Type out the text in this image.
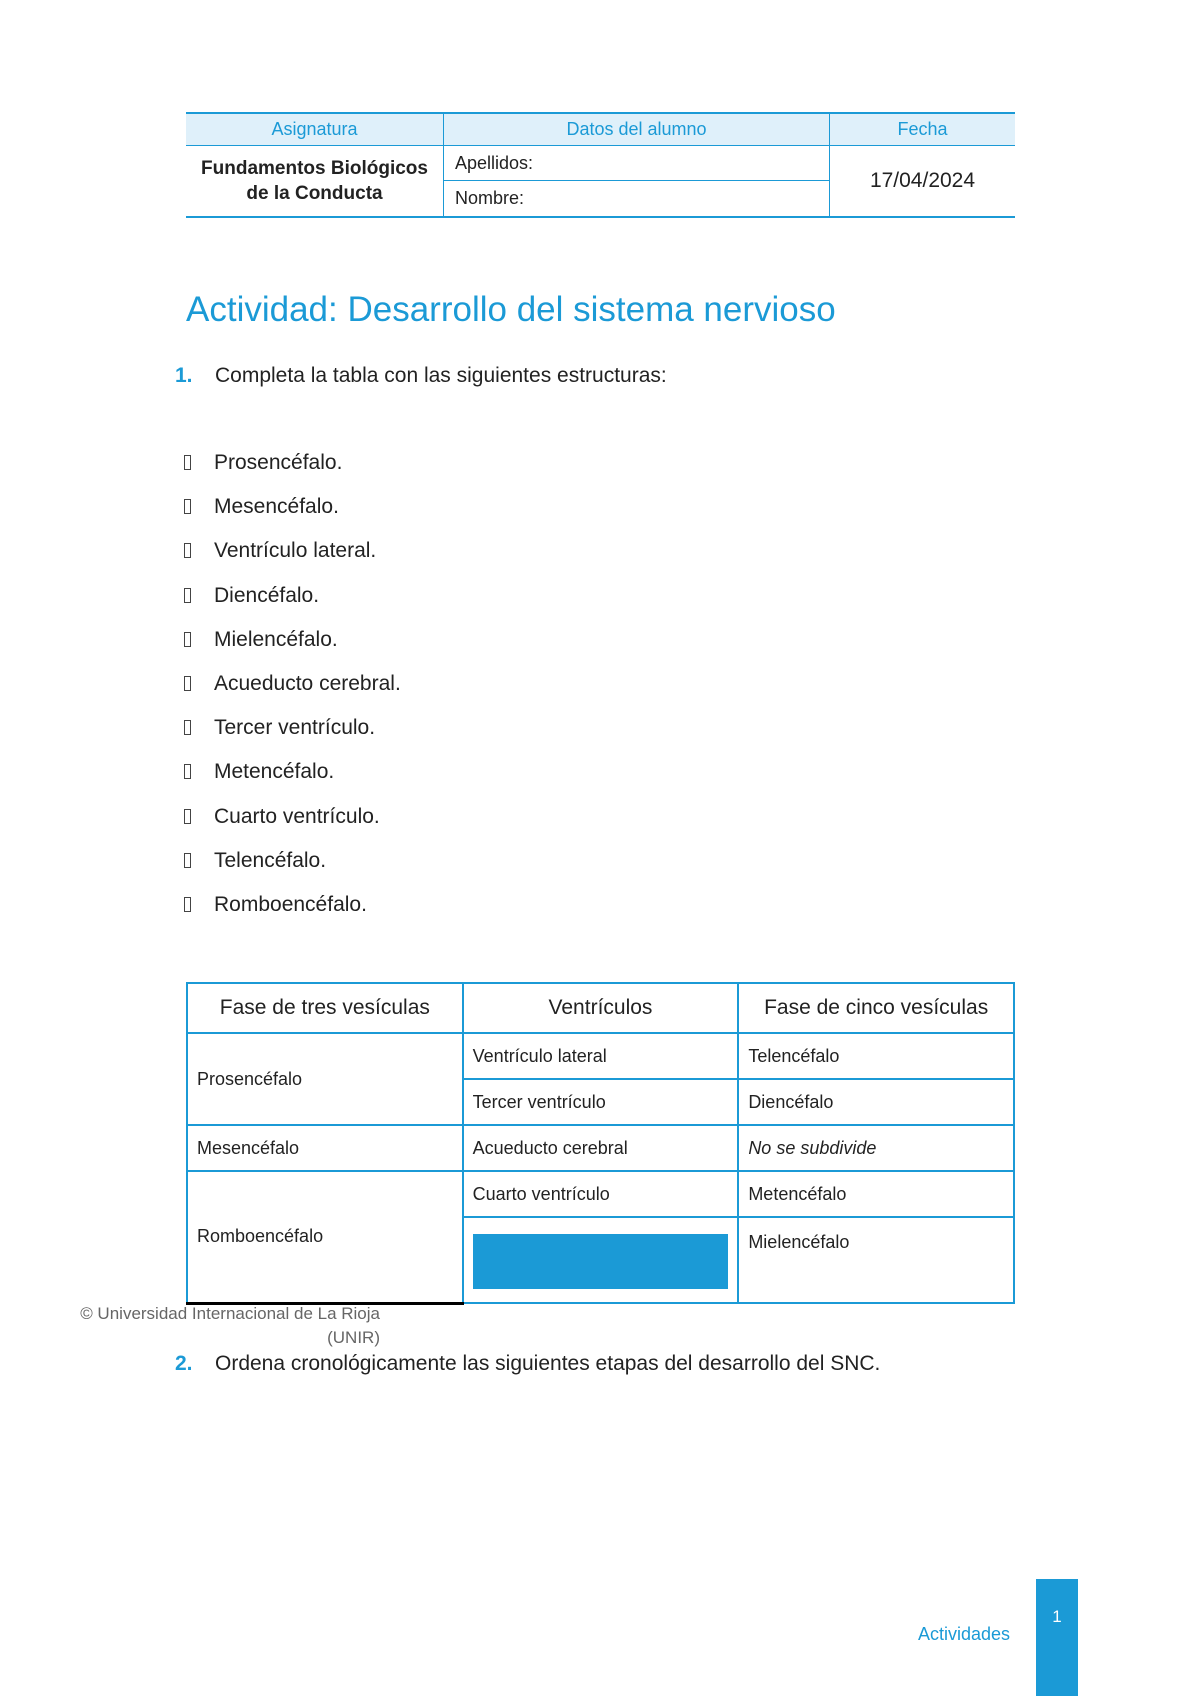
Asignatura	Datos del alumno	Fecha

Fundamentos Biológicos
de la Conducta	Apellidos:	17/04/2024
	Nombre:	
Actividad: Desarrollo del sistema nervioso
1. Completa la tabla con las siguientes estructuras:
Prosencéfalo.
Mesencéfalo.
Ventrículo lateral.
Diencéfalo.
Mielencéfalo.
Acueducto cerebral.
Tercer ventrículo.
Metencéfalo.
Cuarto ventrículo.
Telencéfalo.
Romboencéfalo.
Fase de tres vesículas	Ventrículos	Fase de cinco vesículas
Prosencéfalo	Ventrículo lateral	Telencéfalo
	Tercer ventrículo	Diencéfalo
Mesencéfalo	Acueducto cerebral	No se subdivide
Romboencéfalo	Cuarto ventrículo	Metencéfalo

		Mielencéfalo
© Universidad Internacional de La Rioja
(UNIR)
2. Ordena cronológicamente las siguientes etapas del desarrollo del SNC.
Actividades
1
